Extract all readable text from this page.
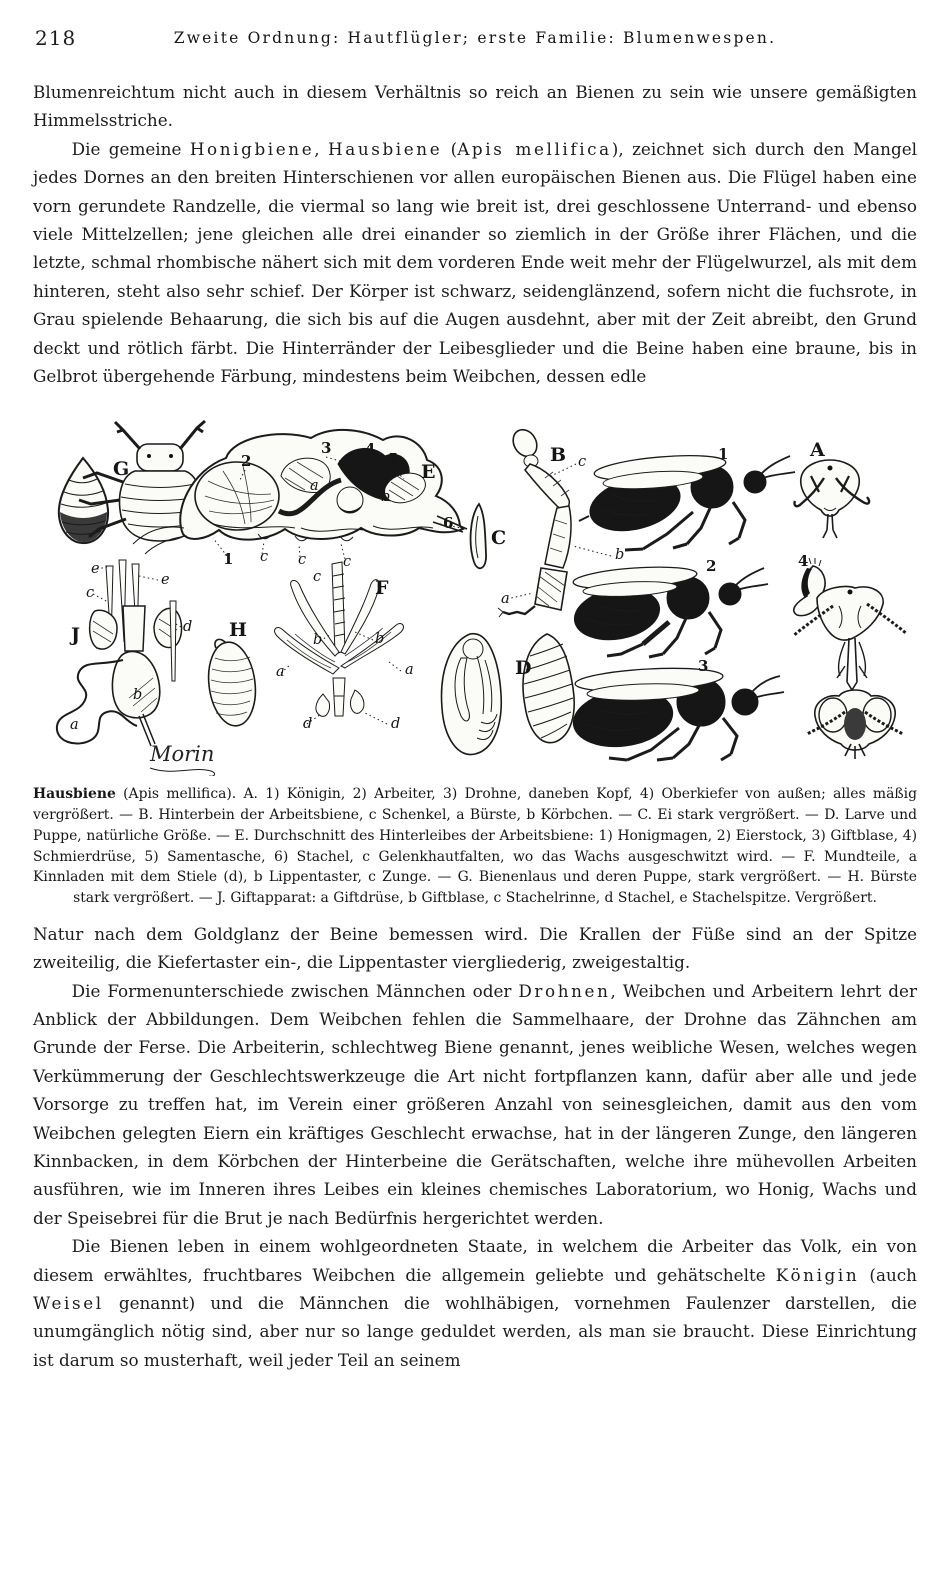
218	Zweite Ordnung: Hautflügler; erste Familie: Blumenwespen.

Blumenreichtum nicht auch in diesem Verhältnis so reich an Bienen zu sein wie unsere gemäßigten Himmelsstriche.

Die gemeine Honigbiene, Hausbiene (Apis mellifica), zeichnet sich durch den Mangel jedes Dornes an den breiten Hinterschienen vor allen europäischen Bienen aus. Die Flügel haben eine vorn gerundete Randzelle, die viermal so lang wie breit ist, drei geschlossene Unterrand- und ebenso viele Mittelzellen; jene gleichen alle drei einander so ziemlich in der Größe ihrer Flächen, und die letzte, schmal rhombische nähert sich mit dem vorderen Ende weit mehr der Flügelwurzel, als mit dem hinteren, steht also sehr schief. Der Körper ist schwarz, seidenglänzend, sofern nicht die fuchsrote, in Grau spielende Behaarung, die sich bis auf die Augen ausdehnt, aber mit der Zeit abreibt, den Grund deckt und rötlich färbt. Die Hinterränder der Leibesglieder und die Beine haben eine braune, bis in Gelbrot übergehende Färbung, mindestens beim Weibchen, dessen edle

Morin
G	2
3 4
5
E
a
b
6
1 c c	c
e
e
c
c	F
J	d H	b	b
a	a
b
a	d	d
C
B c
b
a
D
1	A
2	4
3
Hausbiene (Apis mellifica). A. 1) Königin, 2) Arbeiter, 3) Drohne, daneben Kopf, 4) Oberkiefer von außen; alles mäßig vergrößert. — B. Hinterbein der Arbeitsbiene, c Schenkel, a Bürste, b Körbchen. — C. Ei stark vergrößert. — D. Larve und Puppe, natürliche Größe. — E. Durchschnitt des Hinterleibes der Arbeitsbiene: 1) Honigmagen, 2) Eierstock, 3) Giftblase, 4) Schmierdrüse, 5) Samentasche, 6) Stachel, c Gelenkhautfalten, wo das Wachs ausgeschwitzt wird. — F. Mundteile, a Kinnladen mit dem Stiele (d), b Lippentaster, c Zunge. — G. Bienenlaus und deren Puppe, stark vergrößert. — H. Bürste stark vergrößert. — J. Giftapparat: a Giftdrüse, b Giftblase, c Stachelrinne, d Stachel, e Stachelspitze. Vergrößert.

Natur nach dem Goldglanz der Beine bemessen wird. Die Krallen der Füße sind an der Spitze zweiteilig, die Kiefertaster ein-, die Lippentaster viergliederig, zweigestaltig.

Die Formenunterschiede zwischen Männchen oder Drohnen, Weibchen und Arbeitern lehrt der Anblick der Abbildungen. Dem Weibchen fehlen die Sammelhaare, der Drohne das Zähnchen am Grunde der Ferse. Die Arbeiterin, schlechtweg Biene genannt, jenes weibliche Wesen, welches wegen Verkümmerung der Geschlechtswerkzeuge die Art nicht fortpflanzen kann, dafür aber alle und jede Vorsorge zu treffen hat, im Verein einer größeren Anzahl von seinesgleichen, damit aus den vom Weibchen gelegten Eiern ein kräftiges Geschlecht erwachse, hat in der längeren Zunge, den längeren Kinnbacken, in dem Körbchen der Hinterbeine die Gerätschaften, welche ihre mühevollen Arbeiten ausführen, wie im Inneren ihres Leibes ein kleines chemisches Laboratorium, wo Honig, Wachs und der Speisebrei für die Brut je nach Bedürfnis hergerichtet werden.

Die Bienen leben in einem wohlgeordneten Staate, in welchem die Arbeiter das Volk, ein von diesem erwähltes, fruchtbares Weibchen die allgemein geliebte und gehätschelte Königin (auch Weisel genannt) und die Männchen die wohlhäbigen, vornehmen Faulenzer darstellen, die unumgänglich nötig sind, aber nur so lange geduldet werden, als man sie braucht. Diese Einrichtung ist darum so musterhaft, weil jeder Teil an seinem
